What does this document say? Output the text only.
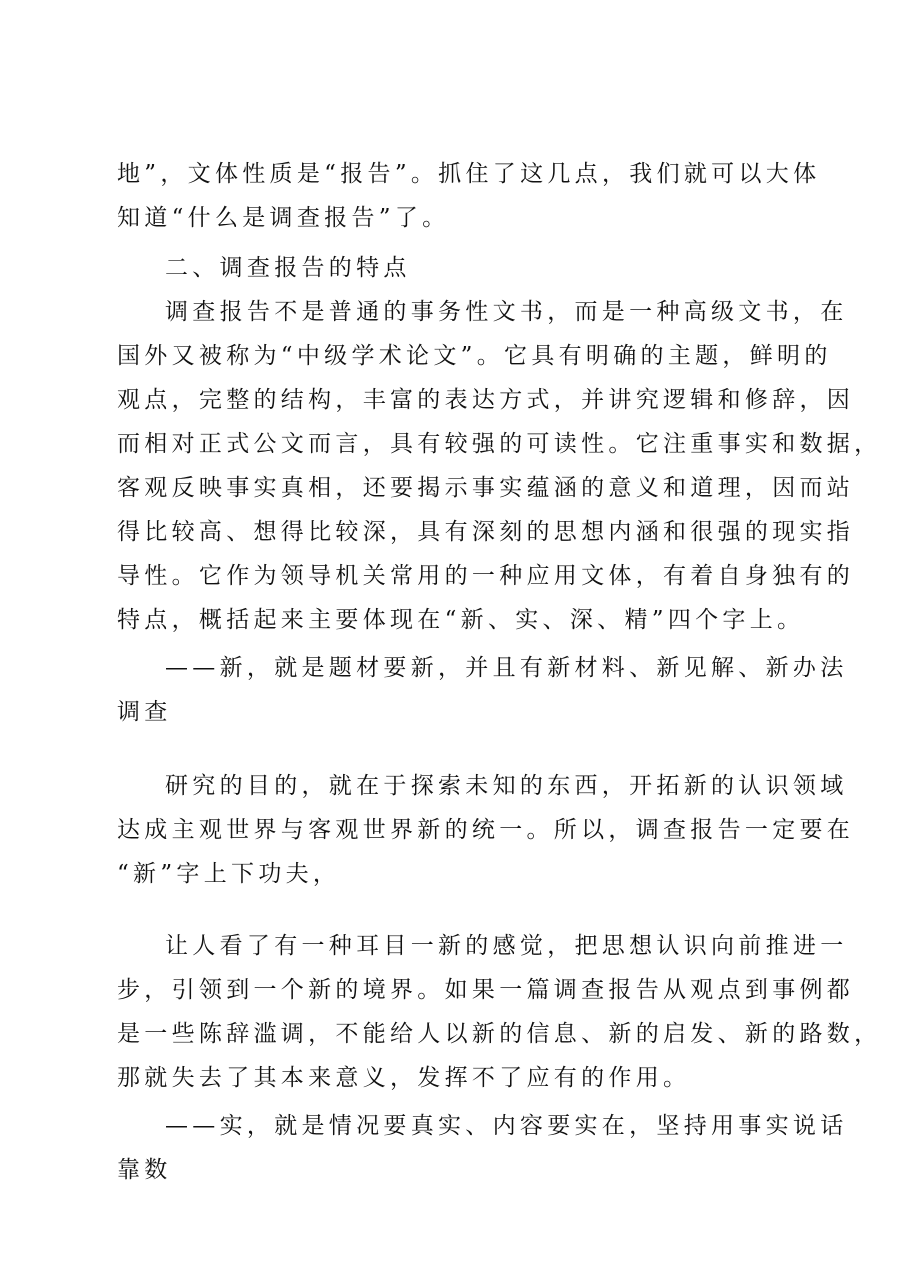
地”，文体性质是“报告”。抓住了这几点，我们就可以大体
知道“什么是调查报告”了。
二、调查报告的特点
调查报告不是普通的事务性文书，而是一种高级文书，在
国外又被称为“中级学术论文”。它具有明确的主题，鲜明的
观点，完整的结构，丰富的表达方式，并讲究逻辑和修辞，因
而相对正式公文而言，具有较强的可读性。它注重事实和数据，
客观反映事实真相，还要揭示事实蕴涵的意义和道理，因而站
得比较高、想得比较深，具有深刻的思想内涵和很强的现实指
导性。它作为领导机关常用的一种应用文体，有着自身独有的
特点，概括起来主要体现在“新、实、深、精”四个字上。
——新，就是题材要新，并且有新材料、新见解、新办法
调查
研究的目的，就在于探索未知的东西，开拓新的认识领域
达成主观世界与客观世界新的统一。所以，调查报告一定要在
“新”字上下功夫，
让人看了有一种耳目一新的感觉，把思想认识向前推进一
步，引领到一个新的境界。如果一篇调查报告从观点到事例都
是一些陈辞滥调，不能给人以新的信息、新的启发、新的路数，
那就失去了其本来意义，发挥不了应有的作用。
——实，就是情况要真实、内容要实在，坚持用事实说话
靠数
